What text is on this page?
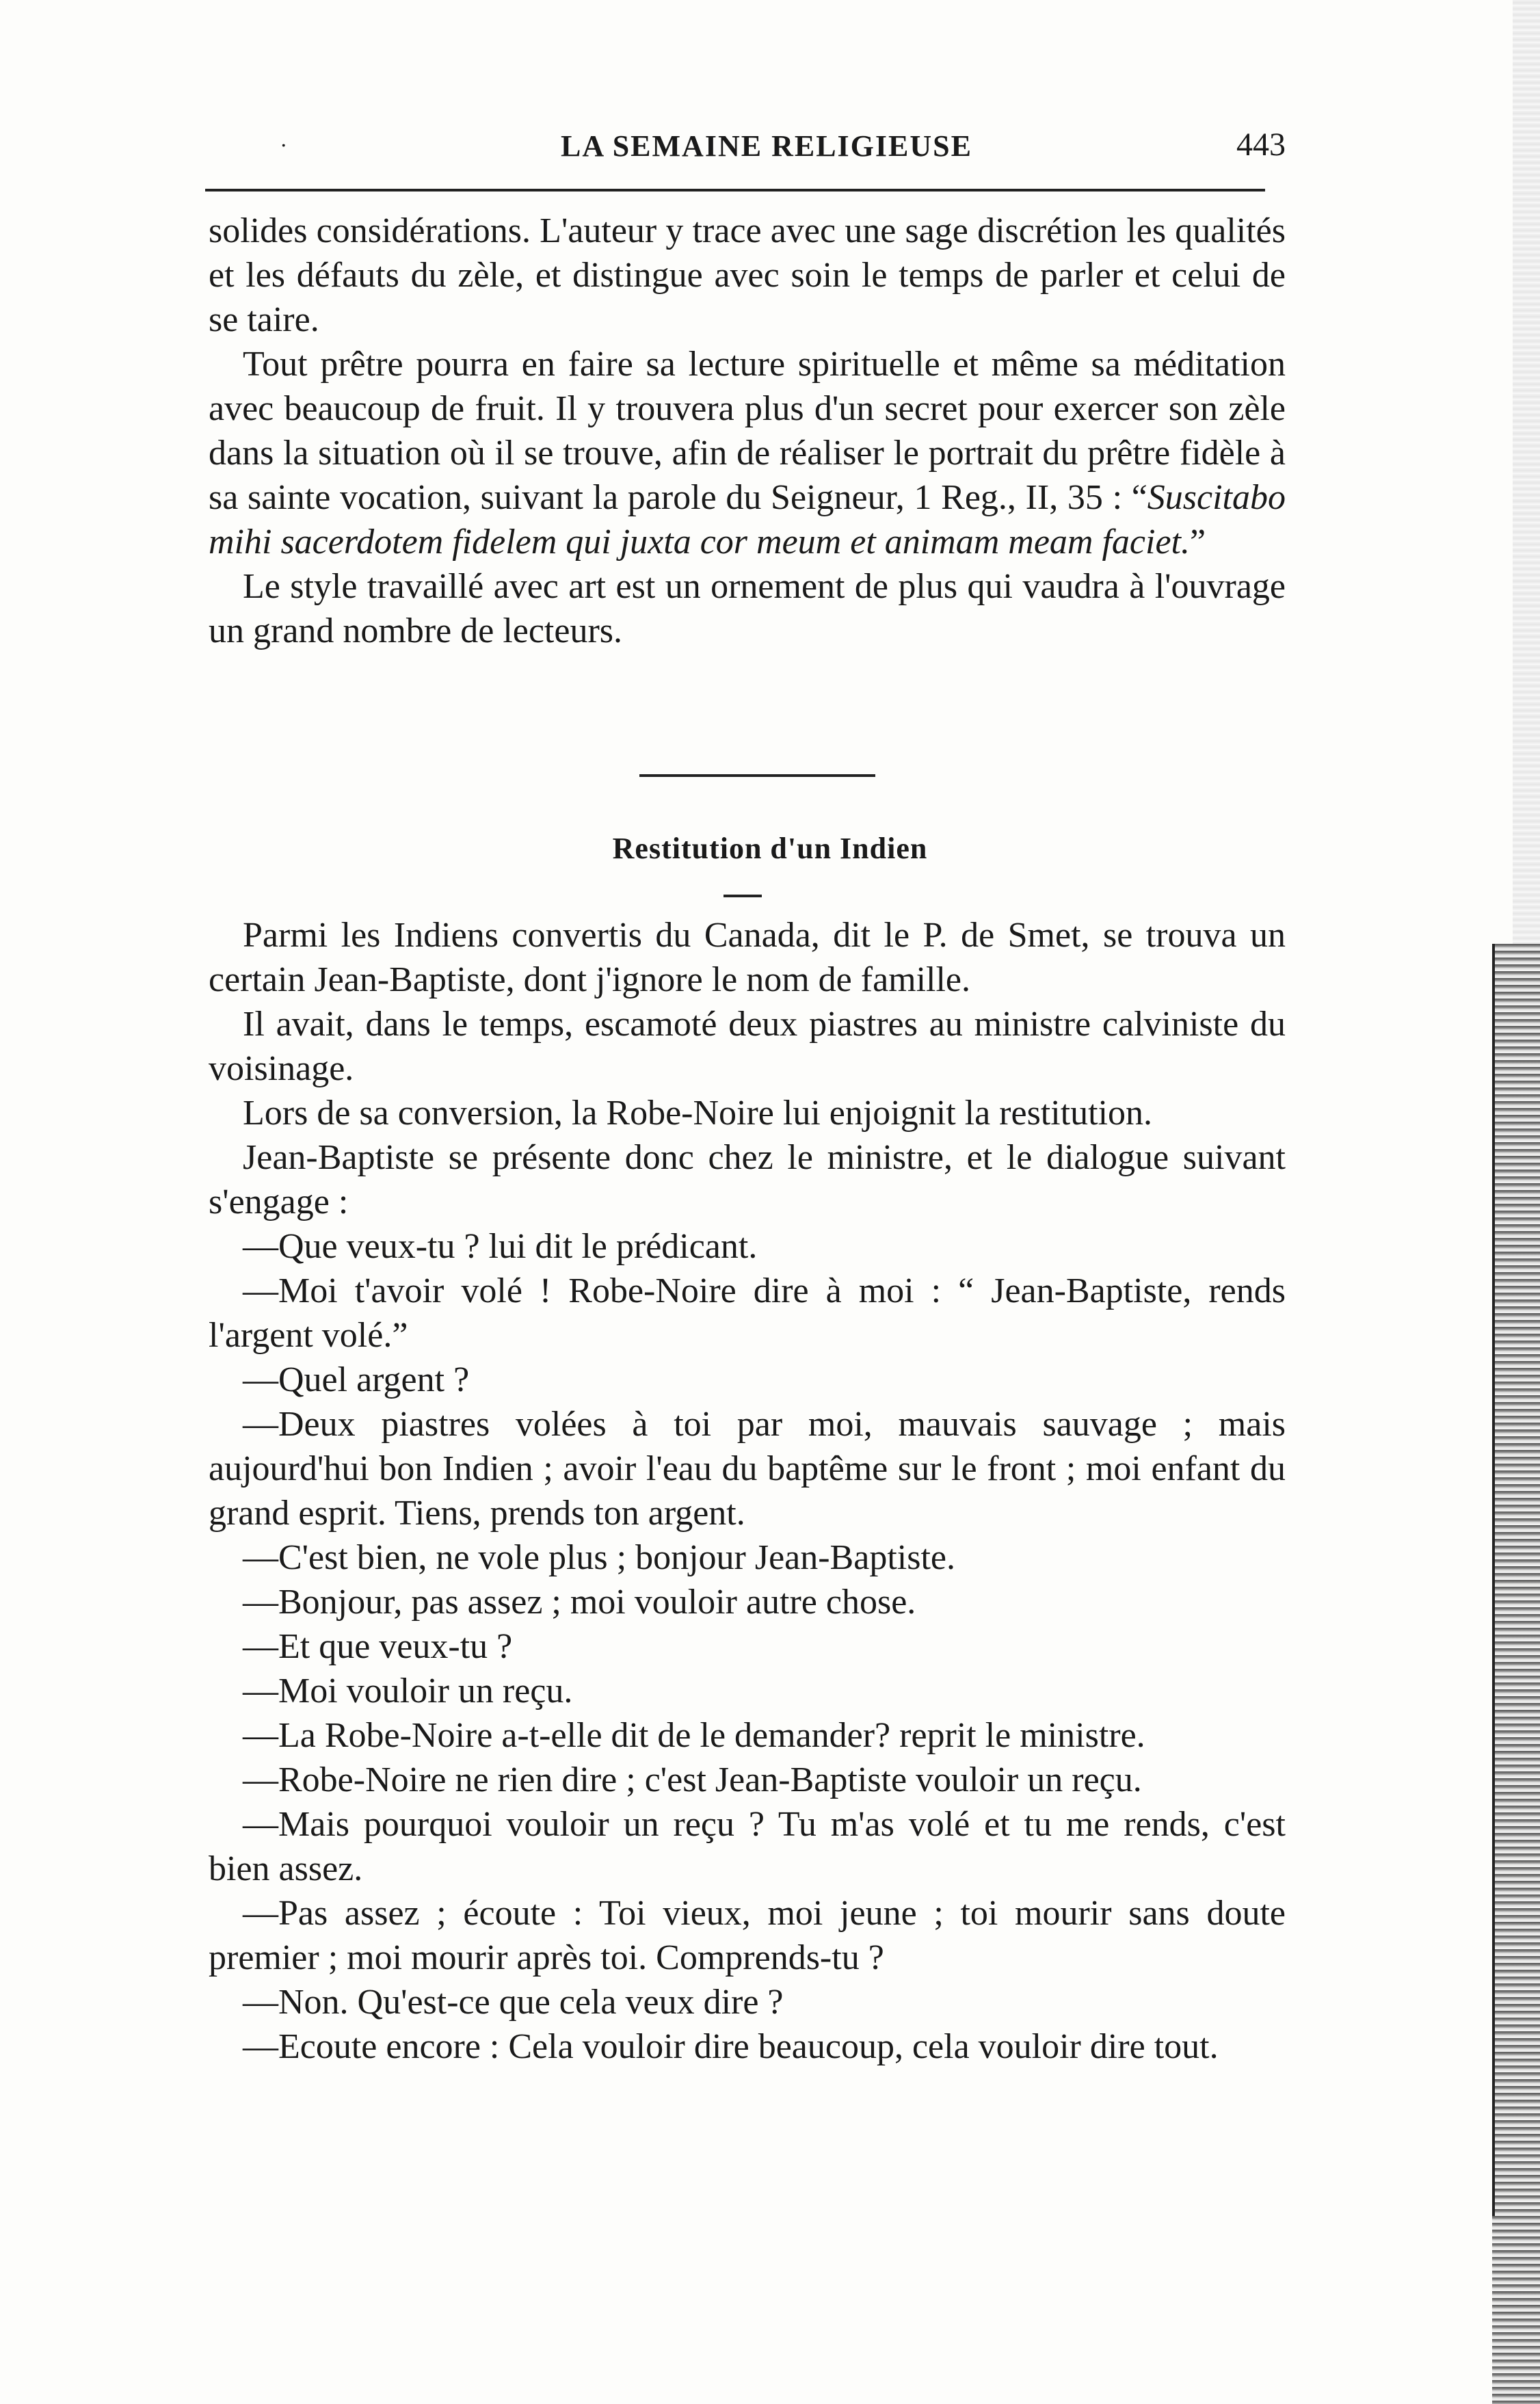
·	LA SEMAINE RELIGIEUSE	443

solides considérations. L'auteur y trace avec une sage discrétion les qualités et les défauts du zèle, et distingue avec soin le temps de parler et celui de se taire.

Tout prêtre pourra en faire sa lecture spirituelle et même sa méditation avec beaucoup de fruit. Il y trouvera plus d'un secret pour exercer son zèle dans la situation où il se trouve, afin de réaliser le portrait du prêtre fidèle à sa sainte vocation, suivant la parole du Seigneur, 1 Reg., II, 35 : “Suscitabo mihi sacerdotem fidelem qui juxta cor meum et animam meam faciet.”

Le style travaillé avec art est un ornement de plus qui vaudra à l'ouvrage un grand nombre de lecteurs.

Restitution d'un Indien

Parmi les Indiens convertis du Canada, dit le P. de Smet, se trouva un certain Jean-Baptiste, dont j'ignore le nom de famille.

Il avait, dans le temps, escamoté deux piastres au ministre calviniste du voisinage.

Lors de sa conversion, la Robe-Noire lui enjoignit la restitution.

Jean-Baptiste se présente donc chez le ministre, et le dialogue suivant s'engage :

—Que veux-tu ? lui dit le prédicant.

—Moi t'avoir volé ! Robe-Noire dire à moi : “ Jean-Baptiste, rends l'argent volé.”

—Quel argent ?

—Deux piastres volées à toi par moi, mauvais sauvage ; mais aujourd'hui bon Indien ; avoir l'eau du baptême sur le front ; moi enfant du grand esprit. Tiens, prends ton argent.

—C'est bien, ne vole plus ; bonjour Jean-Baptiste.

—Bonjour, pas assez ; moi vouloir autre chose.

—Et que veux-tu ?

—Moi vouloir un reçu.

—La Robe-Noire a-t-elle dit de le demander? reprit le ministre.

—Robe-Noire ne rien dire ; c'est Jean-Baptiste vouloir un reçu.

—Mais pourquoi vouloir un reçu ? Tu m'as volé et tu me rends, c'est bien assez.

—Pas assez ; écoute : Toi vieux, moi jeune ; toi mourir sans doute premier ; moi mourir après toi. Comprends-tu ?

—Non. Qu'est-ce que cela veux dire ?

—Ecoute encore : Cela vouloir dire beaucoup, cela vouloir dire tout.
